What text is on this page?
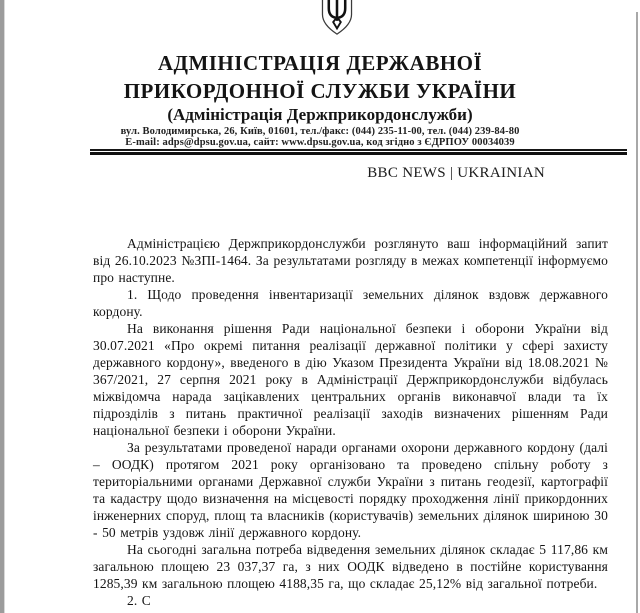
АДМІНІСТРАЦІЯ ДЕРЖАВНОЇ
ПРИКОРДОННОЇ СЛУЖБИ УКРАЇНИ
(Адміністрація Держприкордонслужби)
вул. Володимирська, 26, Київ, 01601, тел./факс: (044) 235-11-00, тел. (044) 239-84-80
E-mail: adps@dpsu.gov.ua, сайт: www.dpsu.gov.ua, код згідно з ЄДРПОУ 00034039
BBC NEWS | UKRAINIAN

Адміністрацією Держприкордонслужби розглянуто ваш інформаційний запит від 26.10.2023 №ЗПІ-1464. За результатами розгляду в межах компетенції інформуємо про наступне.

1. Щодо проведення інвентаризації земельних ділянок вздовж державного кордону.

На виконання рішення Ради національної безпеки і оборони України від 30.07.2021 «Про окремі питання реалізації державної політики у сфері захисту державного кордону», введеного в дію Указом Президента України від 18.08.2021 № 367/2021, 27 серпня 2021 року в Адміністрації Держприкордонслужби відбулась міжвідомча нарада зацікавлених центральних органів виконавчої влади та їх підрозділів з питань практичної реалізації заходів визначених рішенням Ради національної безпеки і оборони України.

За результатами проведеної наради органами охорони державного кордону (далі – ООДК) протягом 2021 року організовано та проведено спільну роботу з територіальними органами Державної служби України з питань геодезії, картографії та кадастру щодо визначення на місцевості порядку проходження лінії прикордонних інженерних споруд, площ та власників (користувачів) земельних ділянок шириною 30 - 50 метрів уздовж лінії державного кордону.

На сьогодні загальна потреба відведення земельних ділянок складає 5 117,86 км загальною площею 23 037,37 га, з них ООДК відведено в постійне користування 1285,39 км загальною площею 4188,35 га, що складає 25,12% від загальної потреби.

2. С
